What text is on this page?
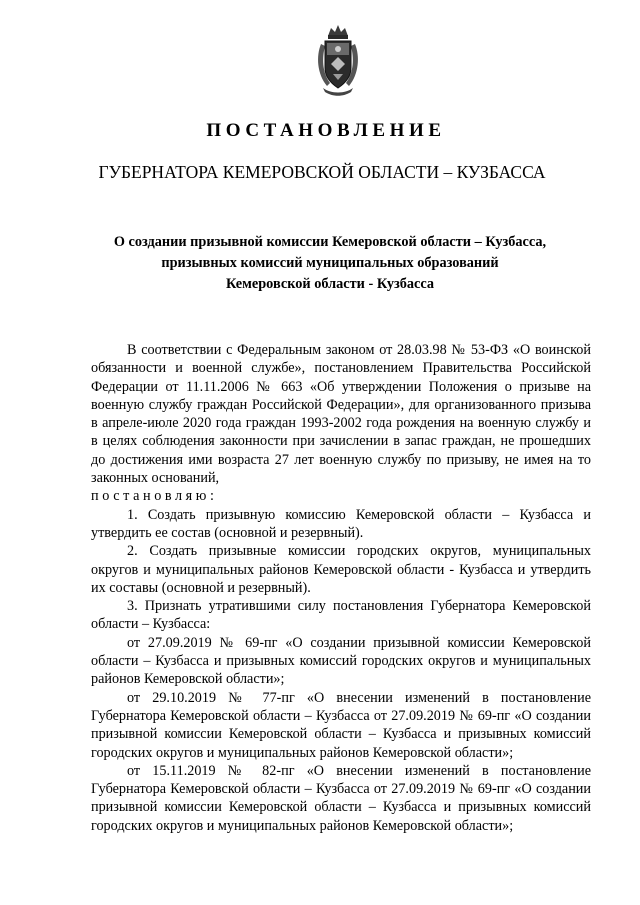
ПОСТАНОВЛЕНИЕ
ГУБЕРНАТОРА КЕМЕРОВСКОЙ ОБЛАСТИ – КУЗБАССА
О создании призывной комиссии Кемеровской области – Кузбасса,
призывных комиссий муниципальных образований
Кемеровской области - Кузбасса

В соответствии с Федеральным законом от 28.03.98 № 53-ФЗ «О воинской обязанности и военной службе», постановлением Правительства Российской Федерации от 11.11.2006 № 663 «Об утверждении Положения о призыве на военную службу граждан Российской Федерации», для организованного призыва в апреле-июле 2020 года граждан 1993-2002 года рождения на военную службу и в целях соблюдения законности при зачислении в запас граждан, не прошедших до достижения ими возраста 27 лет военную службу по призыву, не имея на то законных оснований,

постановляю:

1. Создать призывную комиссию Кемеровской области – Кузбасса и утвердить ее состав (основной и резервный).

2. Создать призывные комиссии городских округов, муниципальных округов и муниципальных районов Кемеровской области - Кузбасса и утвердить их составы (основной и резервный).

3. Признать утратившими силу постановления Губернатора Кемеровской области – Кузбасса:

от 27.09.2019 № 69-пг «О создании призывной комиссии Кемеровской области – Кузбасса и призывных комиссий городских округов и муниципальных районов Кемеровской области»;

от 29.10.2019 № 77-пг «О внесении изменений в постановление Губернатора Кемеровской области – Кузбасса от 27.09.2019 № 69-пг «О создании призывной комиссии Кемеровской области – Кузбасса и призывных комиссий городских округов и муниципальных районов Кемеровской области»;

от 15.11.2019 № 82-пг «О внесении изменений в постановление Губернатора Кемеровской области – Кузбасса от 27.09.2019 № 69-пг «О создании призывной комиссии Кемеровской области – Кузбасса и призывных комиссий городских округов и муниципальных районов Кемеровской области»;
